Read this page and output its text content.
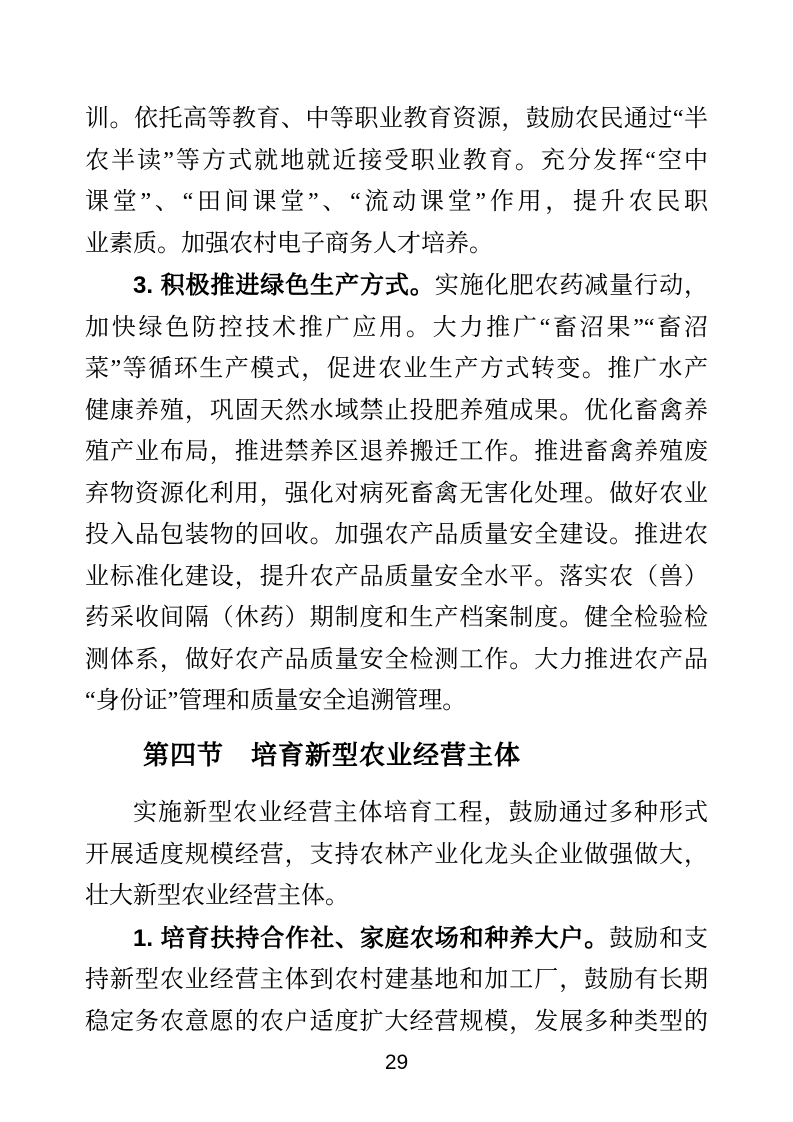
训。依托高等教育、中等职业教育资源，鼓励农民通过“半
农半读”等方式就地就近接受职业教育。充分发挥“空中
课堂”、“田间课堂”、“流动课堂”作用，提升农民职
业素质。加强农村电子商务人才培养。
3. 积极推进绿色生产方式。实施化肥农药减量行动，
加快绿色防控技术推广应用。大力推广“畜沼果”“畜沼
菜”等循环生产模式，促进农业生产方式转变。推广水产
健康养殖，巩固天然水域禁止投肥养殖成果。优化畜禽养
殖产业布局，推进禁养区退养搬迁工作。推进畜禽养殖废
弃物资源化利用，强化对病死畜禽无害化处理。做好农业
投入品包装物的回收。加强农产品质量安全建设。推进农
业标准化建设，提升农产品质量安全水平。落实农（兽）
药采收间隔（休药）期制度和生产档案制度。健全检验检
测体系，做好农产品质量安全检测工作。大力推进农产品
“身份证”管理和质量安全追溯管理。
第四节　培育新型农业经营主体
实施新型农业经营主体培育工程，鼓励通过多种形式
开展适度规模经营，支持农林产业化龙头企业做强做大，
壮大新型农业经营主体。
1. 培育扶持合作社、家庭农场和种养大户。鼓励和支
持新型农业经营主体到农村建基地和加工厂，鼓励有长期
稳定务农意愿的农户适度扩大经营规模，发展多种类型的
29
